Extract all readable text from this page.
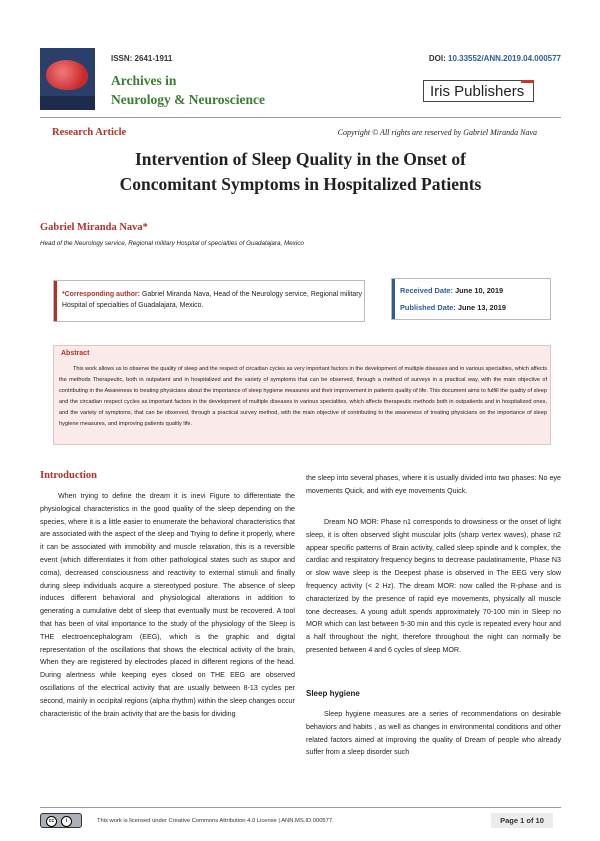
ISSN: 2641-1911
Archives in
Neurology & Neuroscience
DOI: 10.33552/ANN.2019.04.000577
Iris Publishers
Research Article	Copyright © All rights are reserved by Gabriel Miranda Nava
Intervention of Sleep Quality in the Onset of
Concomitant Symptoms in Hospitalized Patients
Gabriel Miranda Nava*
Head of the Neurology service, Regional military Hospital of specialties of Guadalajara, Mexico
*Corresponding author: Gabriel Miranda Nava, Head of the Neurology service, Regional military Hospital of specialties of Guadalajara, Mexico.
Received Date: June 10, 2019
Published Date: June 13, 2019
Abstract
This work allows us to observe the quality of sleep and the respect of circadian cycles as very important factors in the development of multiple diseases and in various specialties, which affects the methods Therapeutic, both in outpatient and in hospitalized and the variety of symptoms that can be observed, through a method of surveys in a practical way, with the main objective of contributing in the Awareness to treating physicians about the importance of sleep hygiene measures and their improvement in patients quality of life. This document aims to fulfill the quality of sleep and the circadian respect cycles as important factors in the development of multiple diseases in various specialties, which affects therapeutic methods both in outpatients and in hospitalized ones, and the variety of symptoms, that can be observed, through a practical survey method, with the main objective of contributing to the awareness of treating physicians on the importance of sleep hygiene measures, and improving patients quality life.
Introduction
When trying to define the dream it is inevi Figure to differentiate the physiological characteristics in the good quality of the sleep depending on the species, where it is a little easier to enumerate the behavioral characteristics that are associated with the aspect of the sleep and Trying to define it properly, where it can be associated with immobility and muscle relaxation, this is a reversible event (which differentiates it from other pathological states such as stupor and coma), decreased consciousness and reactivity to external stimuli and finally during sleep individuals acquire a stereotyped posture. The absence of sleep induces different behavioral and physiological alterations in addition to generating a cumulative debt of sleep that eventually must be recovered. A tool that has been of vital importance to the study of the physiology of the Sleep is THE electroencephalogram (EEG), which is the graphic and digital representation of the oscillations that shows the electrical activity of the brain, When they are registered by electrodes placed in different regions of the head. During alertness while keeping eyes closed on THE EEG are observed oscillations of the electrical activity that are usually between 8-13 cycles per second, mainly in occipital regions (alpha rhythm) within the sleep changes occur characteristic of the brain activity that are the basis for dividing
the sleep into several phases, where it is usually divided into two phases: No eye movements Quick, and with eye movements Quick.
Dream NO MOR: Phase n1 corresponds to drowsiness or the onset of light sleep, it is often observed slight muscular jolts (sharp vertex waves), phase n2 appear specific patterns of Brain activity, called sleep spindle and k complex, the cardiac and respiratory frequency begins to decrease paulatinamente, Phase N3 or slow wave sleep is the Deepest phase is observed in The EEG very slow frequency activity (< 2 Hz). The dream MOR: now called the R-phase and is characterized by the presence of rapid eye movements, physically all muscle tone decreases. A young adult spends approximately 70-100 min in Sleep no MOR which can last between 5-30 min and this cycle is repeated every hour and a half throughout the night, therefore throughout the night can normally be presented between 4 and 6 cycles of sleep MOR.
Sleep hygiene
Sleep hygiene measures are a series of recommendations on desirable behaviors and habits , as well as changes in environmental conditions and other related factors aimed at improving the quality of Dream of people who already suffer from a sleep disorder such
cc	i	This work is licensed under Creative Commons Attribution 4.0 License | ANN.MS.ID.000577.	Page 1 of 10
